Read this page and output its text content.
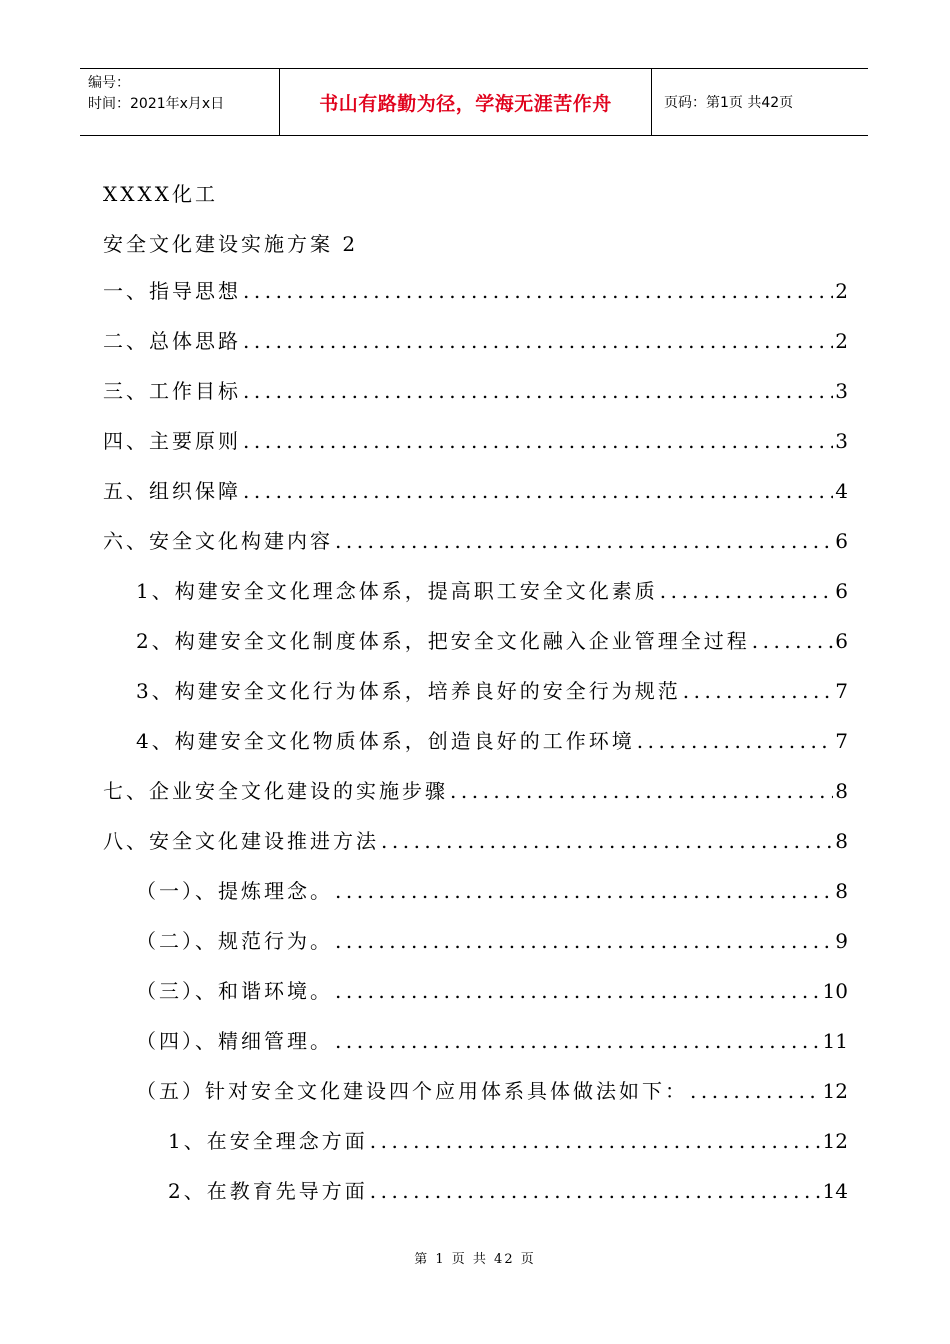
编号：
时间：2021年x月x日	书山有路勤为径，学海无涯苦作舟	页码：第1页 共42页
XXXX化工
安全文化建设实施方案 2
一、指导思想 .....	2
二、总体思路 .....	2
三、工作目标 .....	3
四、主要原则 .....	3
五、组织保障 .....	4
六、安全文化构建内容 .....	6
1、构建安全文化理念体系，提高职工安全文化素质 .....	6
2、构建安全文化制度体系，把安全文化融入企业管理全过程 .....	6
3、构建安全文化行为体系，培养良好的安全行为规范 .....	7
4、构建安全文化物质体系，创造良好的工作环境 .....	7
七、企业安全文化建设的实施步骤 .....	8
八、安全文化建设推进方法 .....	8
（一）、提炼理念。 .....	8
（二）、规范行为。 .....	9
（三）、和谐环境。 .....	10
（四）、精细管理。 .....	11
（五）针对安全文化建设四个应用体系具体做法如下： .....	12
1、在安全理念方面 .....	12
2、在教育先导方面 .....	14
第 1 页 共 42 页
